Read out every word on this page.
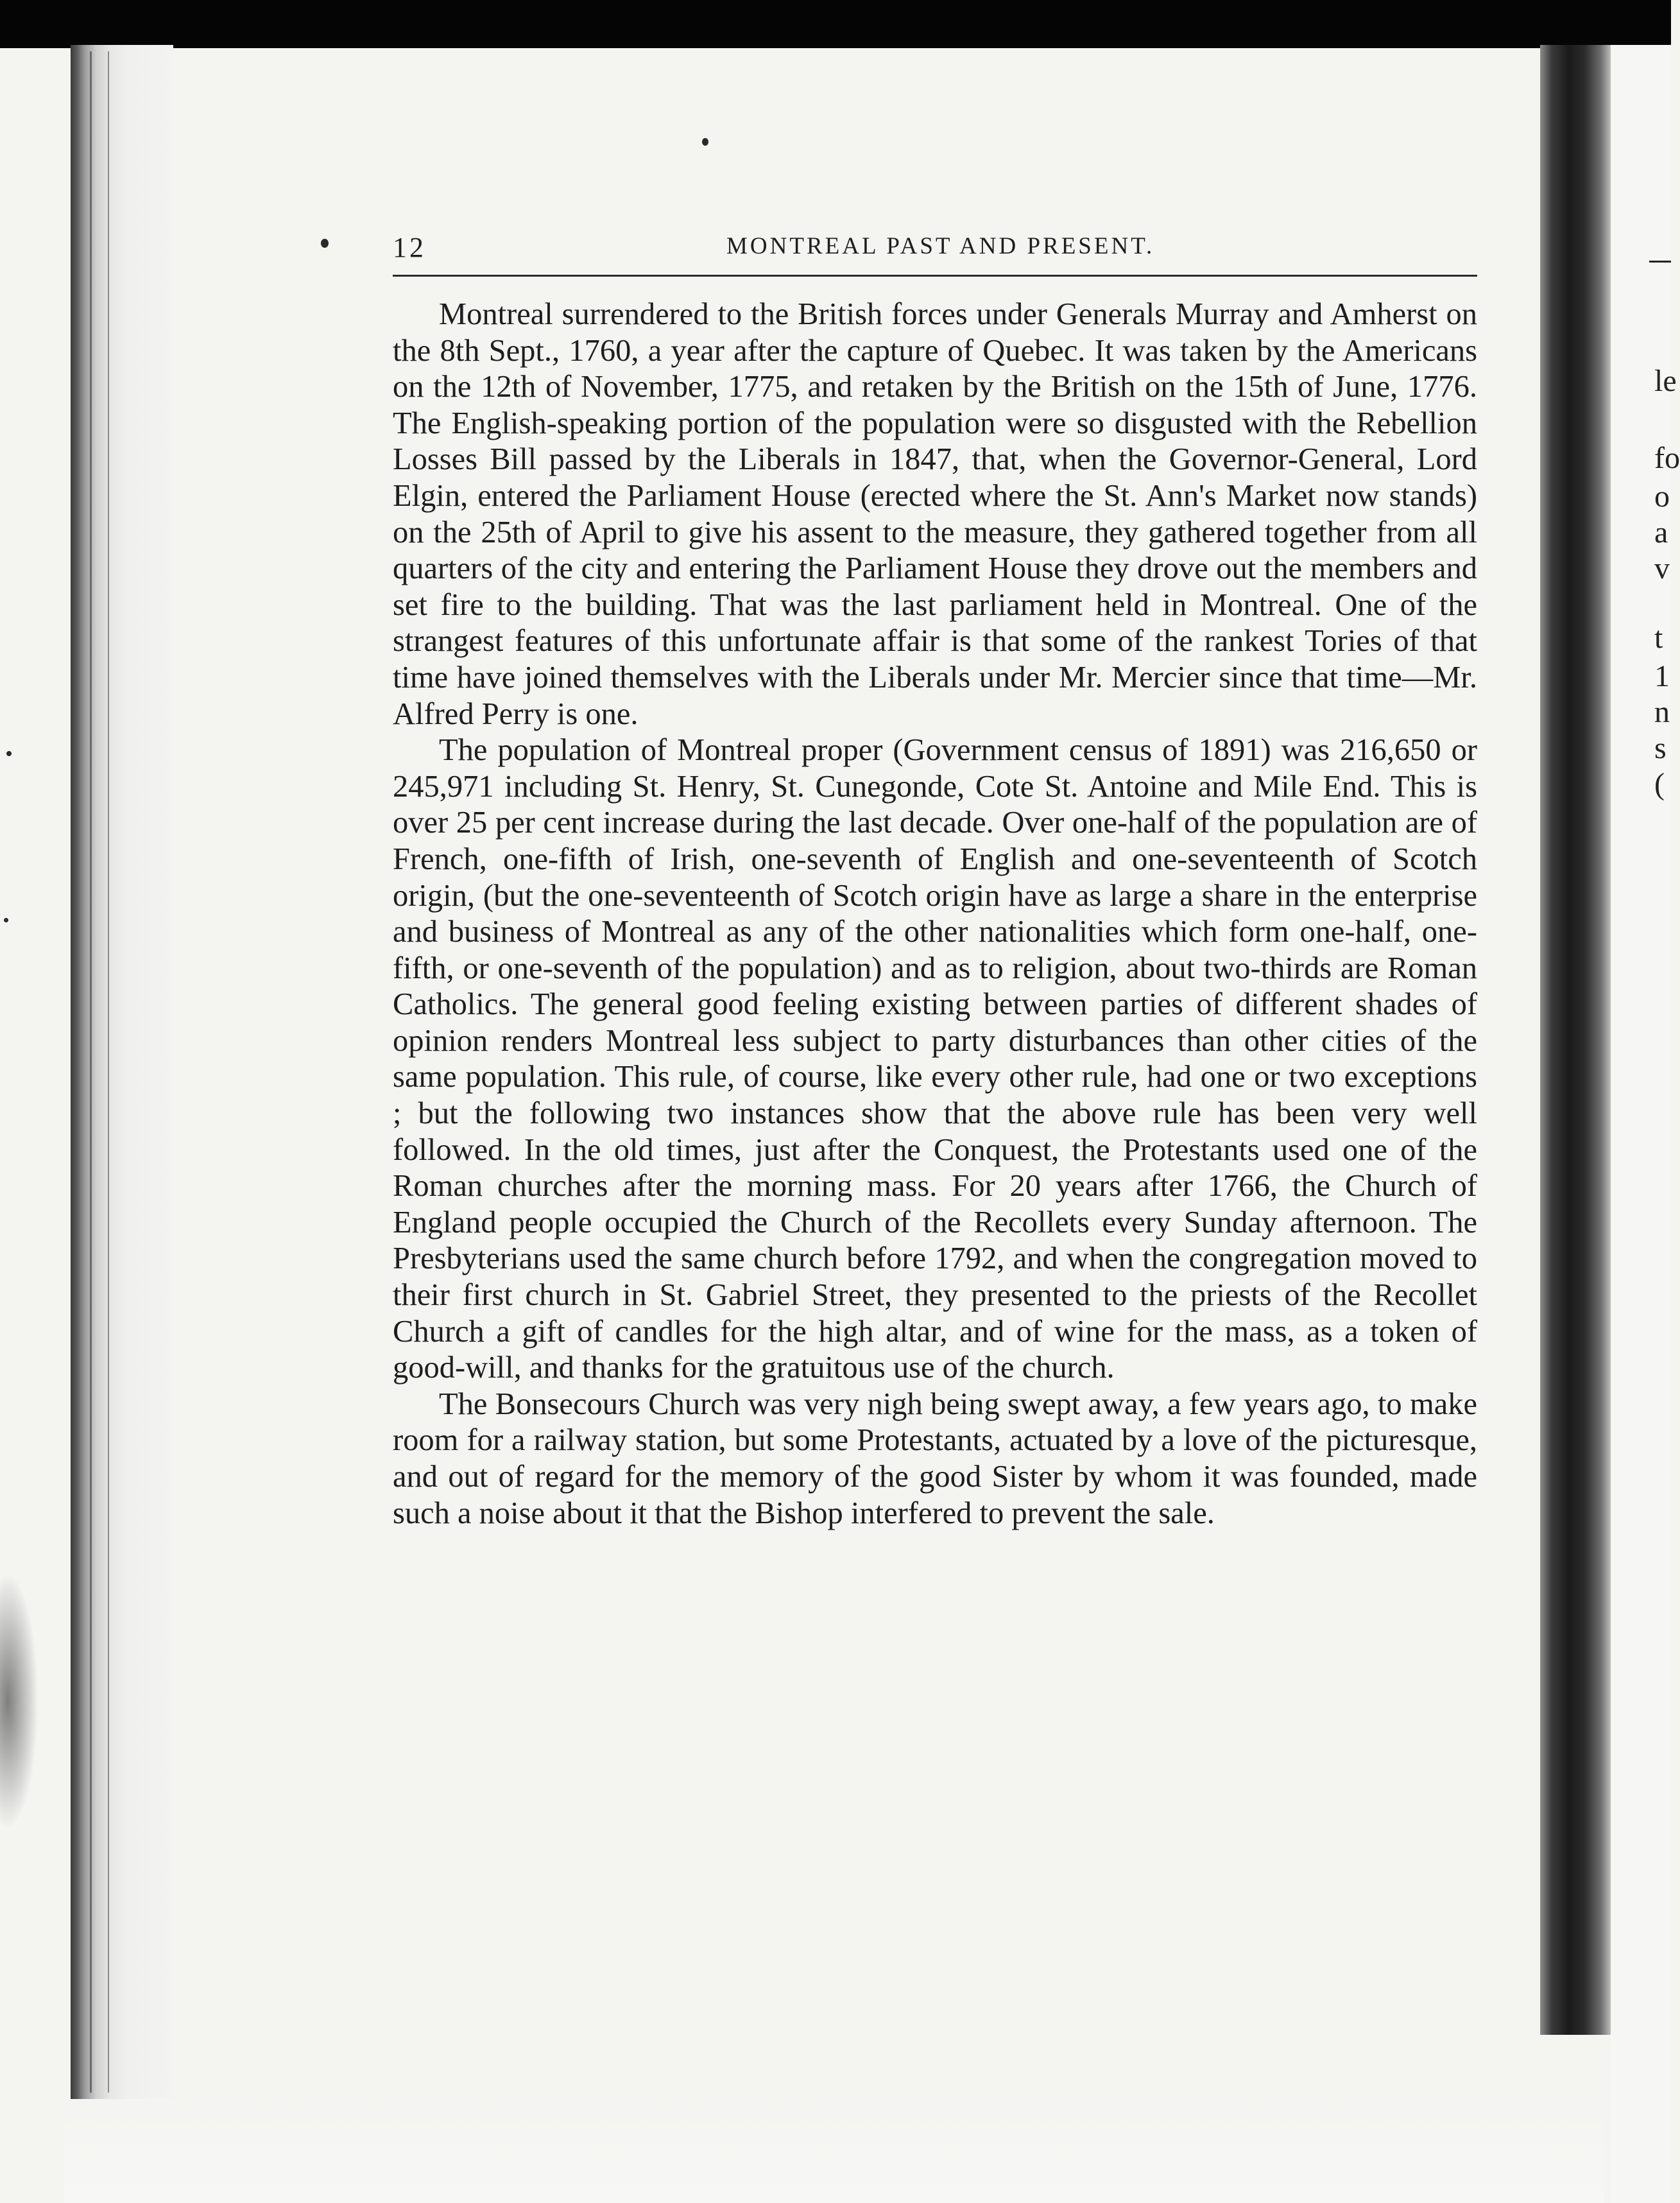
le
fo
o
a
v
t
1
n
s
(
12	MONTREAL PAST AND PRESENT.

Montreal surrendered to the British forces under Generals Murray and Amherst on the 8th Sept., 1760, a year after the capture of Quebec. It was taken by the Americans on the 12th of November, 1775, and retaken by the British on the 15th of June, 1776. The English-speaking portion of the population were so disgusted with the Rebellion Losses Bill passed by the Liberals in 1847, that, when the Governor-General, Lord Elgin, entered the Parliament House (erected where the St. Ann's Market now stands) on the 25th of April to give his assent to the measure, they gathered together from all quarters of the city and entering the Parliament House they drove out the members and set fire to the building. That was the last parliament held in Montreal. One of the strangest features of this unfortunate affair is that some of the rankest Tories of that time have joined themselves with the Liberals under Mr. Mercier since that time—Mr. Alfred Perry is one.

The population of Montreal proper (Government census of 1891) was 216,650 or 245,971 including St. Henry, St. Cunegonde, Cote St. Antoine and Mile End. This is over 25 per cent increase during the last decade. Over one-half of the population are of French, one-fifth of Irish, one-seventh of English and one-seventeenth of Scotch origin, (but the one-seventeenth of Scotch origin have as large a share in the enterprise and business of Montreal as any of the other nationalities which form one-half, one-fifth, or one-seventh of the population) and as to religion, about two-thirds are Roman Catholics. The general good feeling existing between parties of different shades of opinion renders Montreal less subject to party disturbances than other cities of the same population. This rule, of course, like every other rule, had one or two exceptions ; but the following two instances show that the above rule has been very well followed. In the old times, just after the Conquest, the Protestants used one of the Roman churches after the morning mass. For 20 years after 1766, the Church of England people occupied the Church of the Recollets every Sunday afternoon. The Presbyterians used the same church before 1792, and when the congregation moved to their first church in St. Gabriel Street, they presented to the priests of the Recollet Church a gift of candles for the high altar, and of wine for the mass, as a token of good-will, and thanks for the gratuitous use of the church.

The Bonsecours Church was very nigh being swept away, a few years ago, to make room for a railway station, but some Protestants, actuated by a love of the picturesque, and out of regard for the memory of the good Sister by whom it was founded, made such a noise about it that the Bishop interfered to prevent the sale.
